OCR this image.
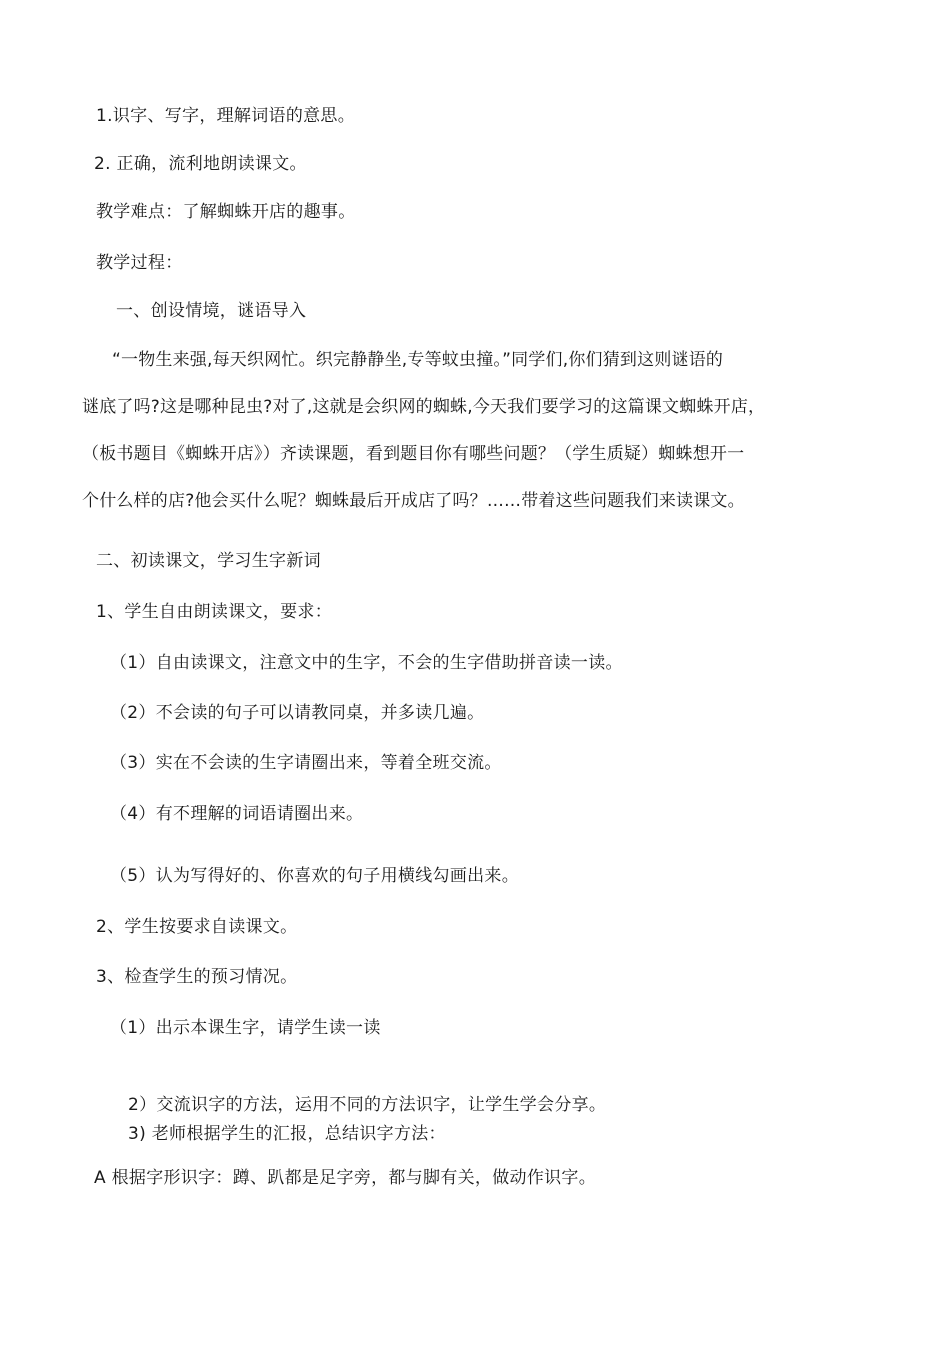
1.识字、写字，理解词语的意思。

2. 正确，流利地朗读课文。

教学难点：了解蜘蛛开店的趣事。

教学过程：

一、创设情境，谜语导入

“一物生来强,每天织网忙。织完静静坐,专等蚊虫撞。”同学们,你们猜到这则谜语的
谜底了吗?这是哪种昆虫?对了,这就是会织网的蜘蛛,今天我们要学习的这篇课文蜘蛛开店，
（板书题目《蜘蛛开店》）齐读课题，看到题目你有哪些问题？（学生质疑）蜘蛛想开一
个什么样的店?他会买什么呢？蜘蛛最后开成店了吗？……带着这些问题我们来读课文。

二、初读课文，学习生字新词

1、学生自由朗读课文，要求：

（1）自由读课文，注意文中的生字，不会的生字借助拼音读一读。

（2）不会读的句子可以请教同桌，并多读几遍。

（3）实在不会读的生字请圈出来，等着全班交流。

（4）有不理解的词语请圈出来。

（5）认为写得好的、你喜欢的句子用横线勾画出来。

2、学生按要求自读课文。

3、检查学生的预习情况。

（1）出示本课生字，请学生读一读

2）交流识字的方法，运用不同的方法识字，让学生学会分享。

3) 老师根据学生的汇报，总结识字方法：

A 根据字形识字：蹲、趴都是足字旁，都与脚有关，做动作识字。
